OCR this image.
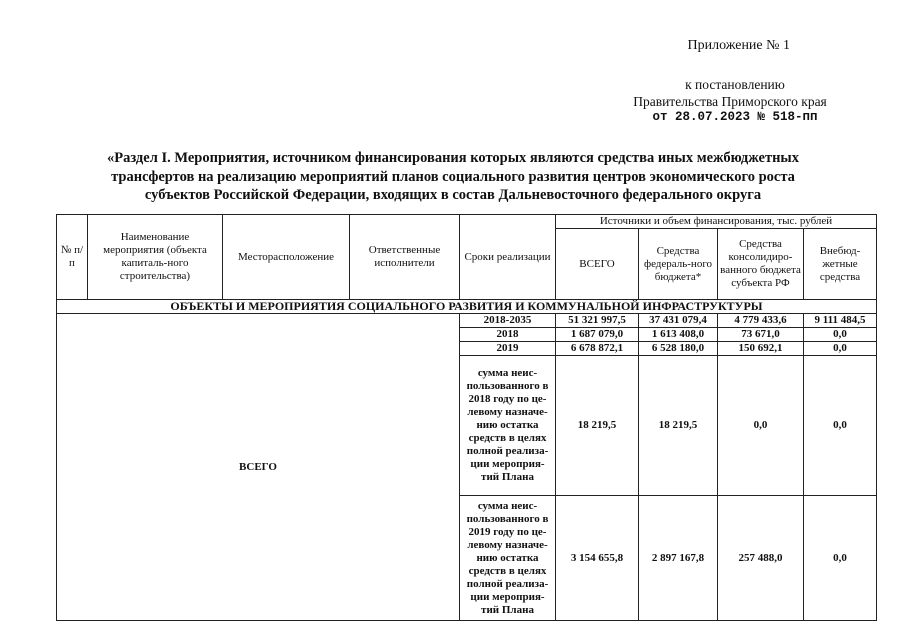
Приложение № 1
к постановлению
Правительства Приморского края
от 28.07.2023 № 518-пп
«Раздел I. Мероприятия, источником финансирования которых являются средства иных межбюджетных
трансфертов на реализацию мероприятий планов социального развития центров экономического роста
субъектов Российской Федерации, входящих в состав Дальневосточного федерального округа
№ п/п	Наименование мероприятия (объекта капиталь-ного строительства)	Месторасположение	Ответственные исполнители	Сроки реализации	Источники и объем финансирования, тыс. рублей			
					ВСЕГО	Средства федераль-ного бюджета*	Средства консолидиро-ванного бюджета субъекта РФ	Внебюд-жетные средства
ОБЪЕКТЫ И МЕРОПРИЯТИЯ СОЦИАЛЬНОГО РАЗВИТИЯ И КОММУНАЛЬНОЙ ИНФРАСТРУКТУРЫ								
ВСЕГО				2018-2035	51 321 997,5	37 431 079,4	4 779 433,6	9 111 484,5
				2018	1 687 079,0	1 613 408,0	73 671,0	0,0
				2019	6 678 872,1	6 528 180,0	150 692,1	0,0
				сумма неис-пользованного в 2018 году по це-левому назначе-нию остатка средств в целях полной реализа-ции мероприя-тий Плана	18 219,5	18 219,5	0,0	0,0
				сумма неис-пользованного в 2019 году по це-левому назначе-нию остатка средств в целях полной реализа-ции мероприя-тий Плана	3 154 655,8	2 897 167,8	257 488,0	0,0
